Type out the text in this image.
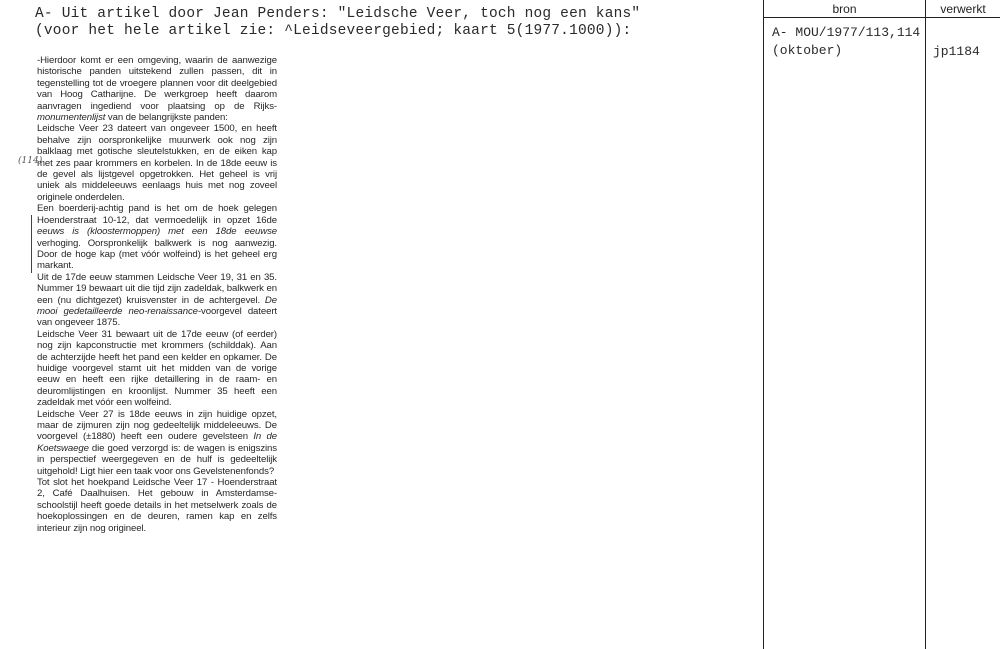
A- Uit artikel door Jean Penders: "Leidsche Veer, toch nog een kans"
(voor het hele artikel zie: ^Leidseveergebied; kaart 5(1977.1000)):
(114)

-Hierdoor komt er een omgeving, waarin de aanwezige historische panden uitstekend zullen passen, dit in tegenstelling tot de vroegere plannen voor dit deelgebied van Hoog Catharijne. De werkgroep heeft daarom aanvragen ingediend voor plaatsing op de Rijks-monumentenlijst van de belangrijkste panden:

Leidsche Veer 23 dateert van ongeveer 1500, en heeft behalve zijn oorspronkelijke muurwerk ook nog zijn balklaag met gotische sleutelstukken, en de eiken kap met zes paar krommers en korbelen. In de 18de eeuw is de gevel als lijstgevel opgetrokken. Het geheel is vrij uniek als middeleeuws eenlaags huis met nog zoveel originele onderdelen.

Een boerderij-achtig pand is het om de hoek gelegen Hoenderstraat 10-12, dat vermoedelijk in opzet 16de eeuws is (kloostermoppen) met een 18de eeuwse verhoging. Oorspronkelijk balkwerk is nog aanwezig. Door de hoge kap (met vóór wolfeind) is het geheel erg markant.

Uit de 17de eeuw stammen Leidsche Veer 19, 31 en 35. Nummer 19 bewaart uit die tijd zijn zadeldak, balkwerk en een (nu dichtgezet) kruisvenster in de achtergevel. De mooi gedetailleerde neo-renaissance-voorgevel dateert van ongeveer 1875.

Leidsche Veer 31 bewaart uit de 17de eeuw (of eerder) nog zijn kapconstructie met krommers (schilddak). Aan de achterzijde heeft het pand een kelder en opkamer. De huidige voorgevel stamt uit het midden van de vorige eeuw en heeft een rijke detaillering in de raam- en deuromlijstingen en kroonlijst. Nummer 35 heeft een zadeldak met vóór een wolfeind.

Leidsche Veer 27 is 18de eeuws in zijn huidige opzet, maar de zijmuren zijn nog gedeeltelijk middeleeuws. De voorgevel (±1880) heeft een oudere gevelsteen In de Koetswaege die goed verzorgd is: de wagen is enigszins in perspectief weergegeven en de hulf is gedeeltelijk uitgehold! Ligt hier een taak voor ons Gevelstenenfonds?

Tot slot het hoekpand Leidsche Veer 17 - Hoenderstraat 2, Café Daalhuisen. Het gebouw in Amsterdamse-schoolstijl heeft goede details in het metselwerk zoals de hoekoplossingen en de deuren, ramen kap en zelfs interieur zijn nog origineel.

bron	verwerkt
A- MOU/1977/113,114
(oktober)	jp1184
